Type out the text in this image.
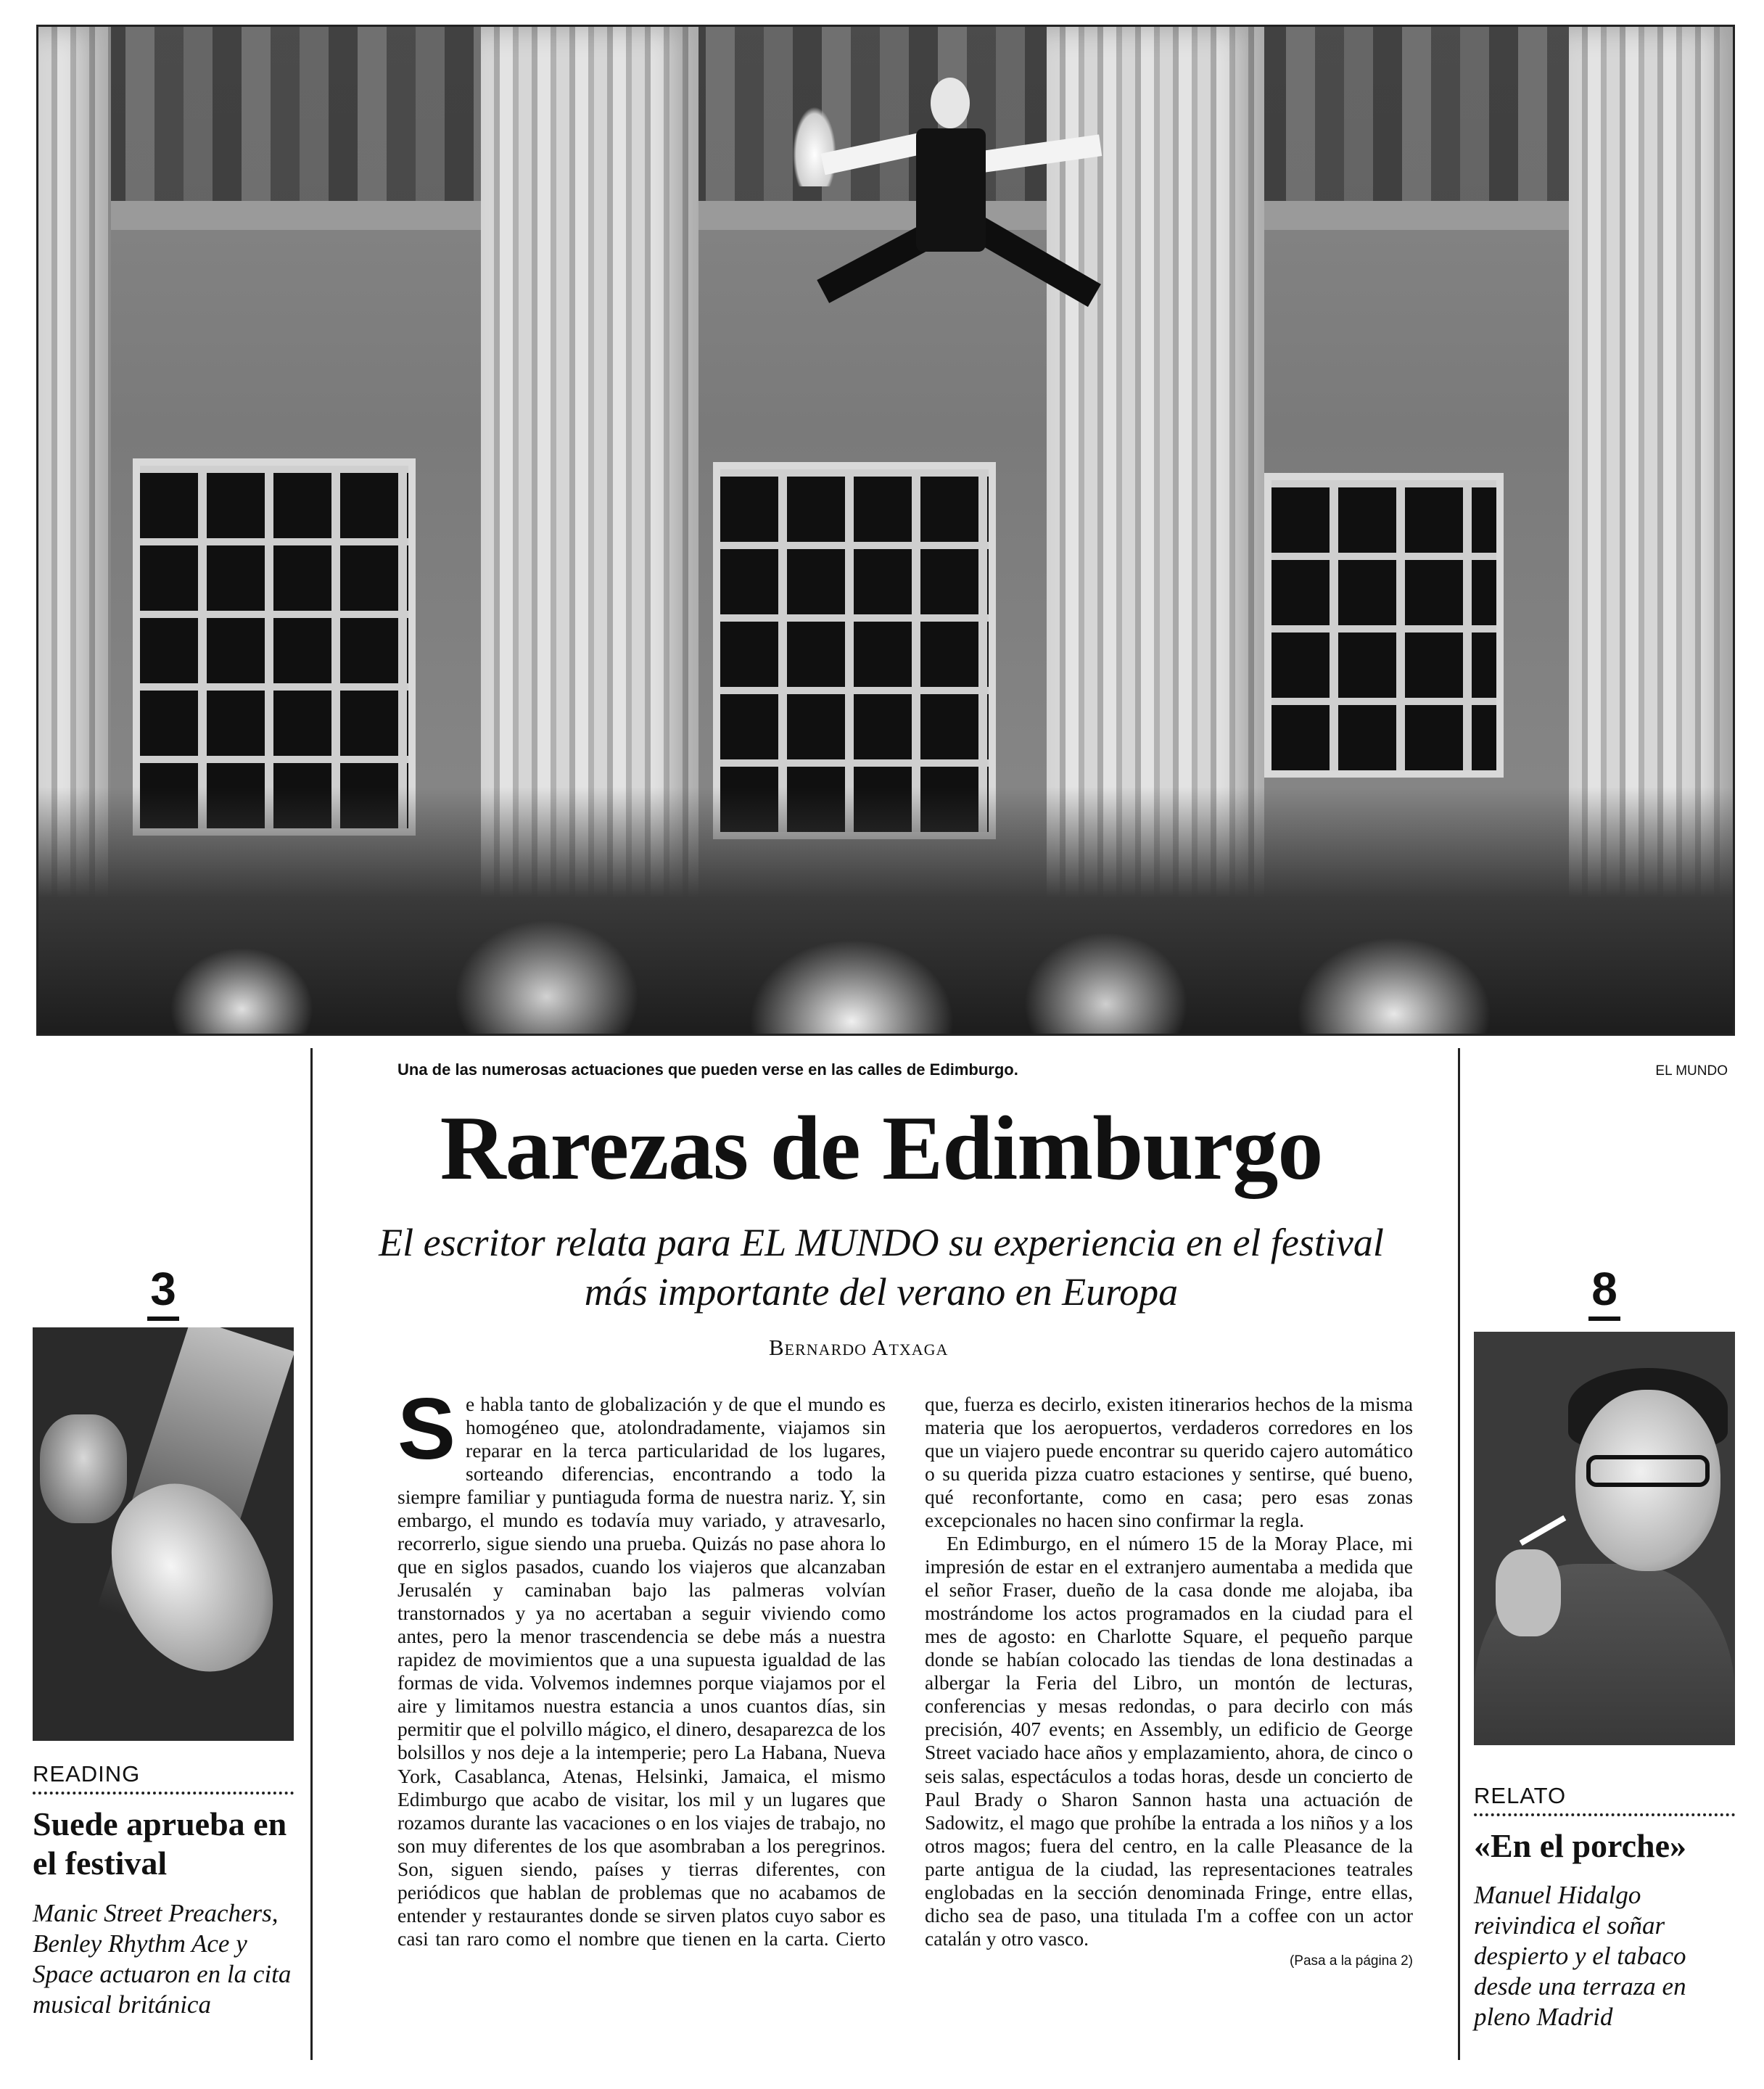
Una de las numerosas actuaciones que pueden verse en las calles de Edimburgo.	EL MUNDO
Rarezas de Edimburgo
El escritor relata para EL MUNDO su experiencia en el festival más importante del verano en Europa
Bernardo Atxaga

Se habla tanto de globalización y de que el mundo es homogéneo que, atolondradamente, viajamos sin reparar en la terca particularidad de los lugares, sorteando diferencias, encontrando a todo la siempre familiar y puntiaguda forma de nuestra nariz. Y, sin embargo, el mundo es todavía muy variado, y atravesarlo, recorrerlo, sigue siendo una prueba. Quizás no pase ahora lo que en siglos pasados, cuando los viajeros que alcanzaban Jerusalén y caminaban bajo las palmeras volvían transtornados y ya no acertaban a seguir viviendo como antes, pero la menor trascendencia se debe más a nuestra rapidez de movimientos que a una supuesta igualdad de las formas de vida. Volvemos indemnes porque viajamos por el aire y limitamos nuestra estancia a unos cuantos días, sin permitir que el polvillo mágico, el dinero, desaparezca de los bolsillos y nos deje a la intemperie; pero La Habana, Nueva York, Casablanca, Atenas, Helsinki, Jamaica, el mismo Edimburgo que acabo de visitar, los mil y un lugares que rozamos durante las vacaciones o en los viajes de trabajo, no son muy diferentes de los que asombraban a los peregrinos. Son, siguen siendo, países y tierras diferentes, con periódicos que hablan de problemas que no acabamos de entender y restaurantes donde se sirven platos cuyo sabor es casi tan raro como el nombre que tienen en la carta. Cierto que, fuerza es decirlo, existen itinerarios hechos de la misma materia que los aeropuertos, verdaderos corredores en los que un viajero puede encontrar su querido cajero automático o su querida pizza cuatro estaciones y sentirse, qué bueno, qué reconfortante, como en casa; pero esas zonas excepcionales no hacen sino confirmar la regla.

En Edimburgo, en el número 15 de la Moray Place, mi impresión de estar en el extranjero aumentaba a medida que el señor Fraser, dueño de la casa donde me alojaba, iba mostrándome los actos programados en la ciudad para el mes de agosto: en Charlotte Square, el pequeño parque donde se habían colocado las tiendas de lona destinadas a albergar la Feria del Libro, un montón de lecturas, conferencias y mesas redondas, o para decirlo con más precisión, 407 events; en Assembly, un edificio de George Street vaciado hace años y emplazamiento, ahora, de cinco o seis salas, espectáculos a todas horas, desde un concierto de Paul Brady o Sharon Sannon hasta una actuación de Sadowitz, el mago que prohíbe la entrada a los niños y a los otros magos; fuera del centro, en la calle Pleasance de la parte antigua de la ciudad, las representaciones teatrales englobadas en la sección denominada Fringe, entre ellas, dicho sea de paso, una titulada I'm a coffee con un actor catalán y otro vasco.

(Pasa a la página 2)
3	8
READING
Suede aprueba en el festival
Manic Street Preachers, Benley Rhythm Ace y Space actuaron en la cita musical británica
RELATO
«En el porche»
Manuel Hidalgo reivindica el soñar despierto y el tabaco desde una terraza en pleno Madrid
